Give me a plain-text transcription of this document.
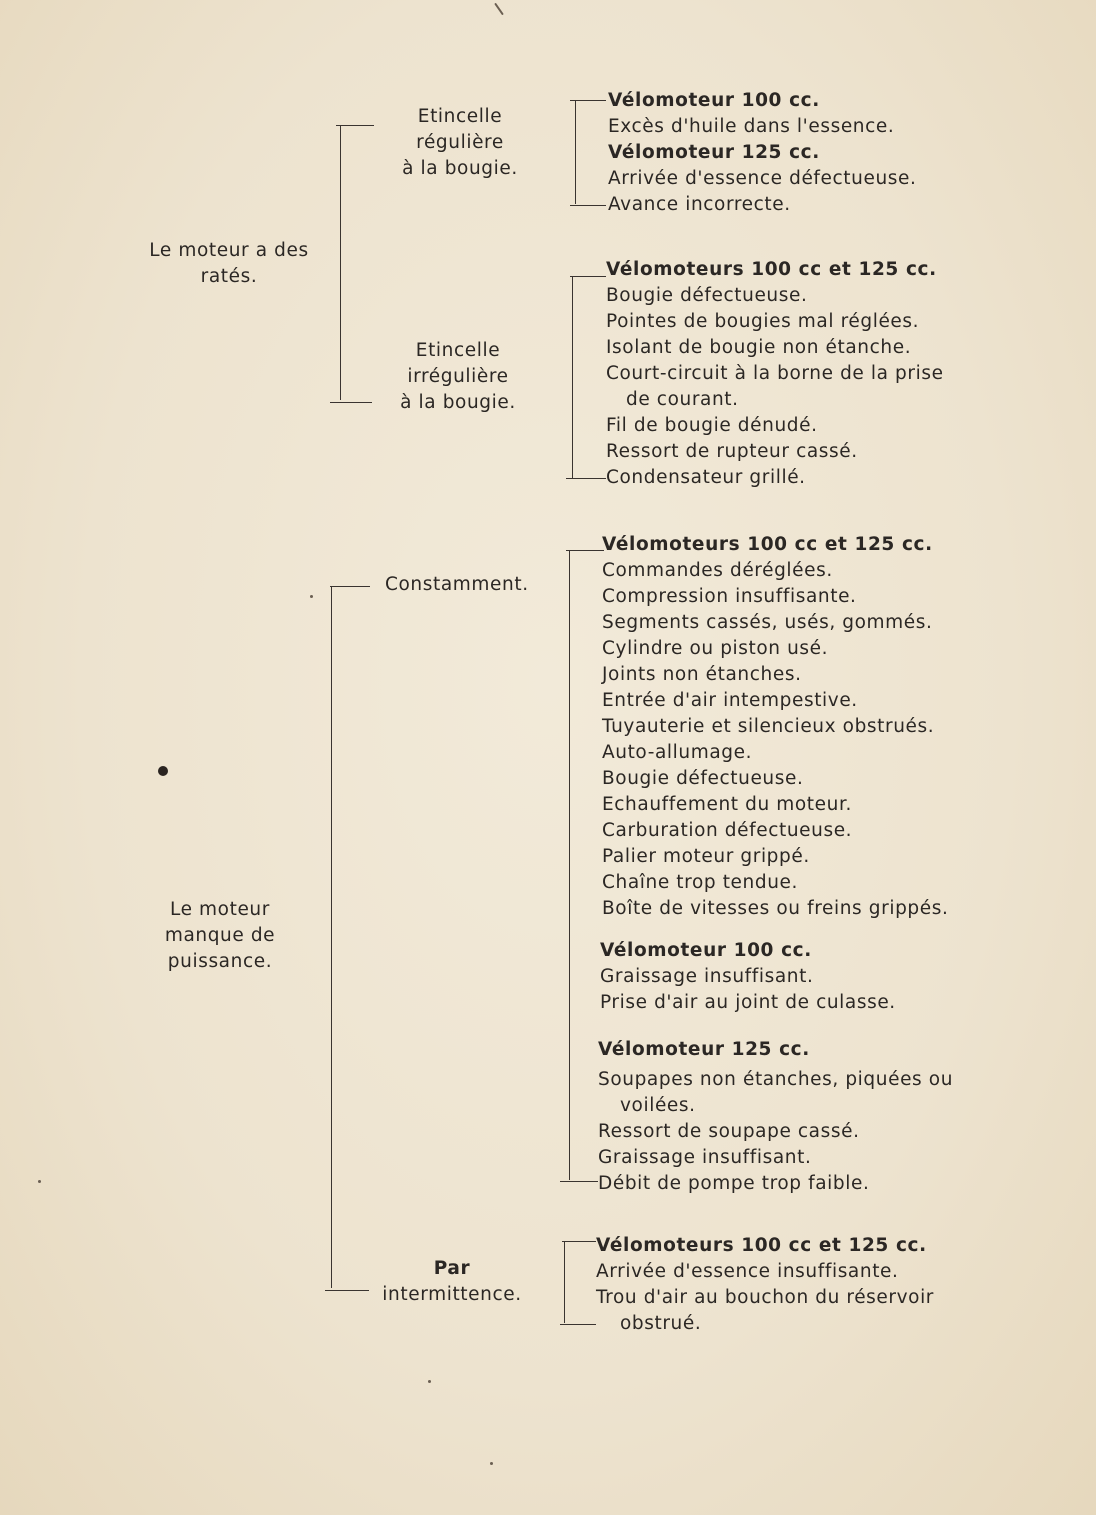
Le moteur a des
ratés.
Le moteur
manque de
puissance.
Etincelle
régulière
à la bougie.
Etincelle
irrégulière
à la bougie.
Constamment.
Par
intermittence.
Vélomoteur 100 cc.
Excès d'huile dans l'essence.
Vélomoteur 125 cc.
Arrivée d'essence défectueuse.
Avance incorrecte.
Vélomoteurs 100 cc et 125 cc.
Bougie défectueuse.
Pointes de bougies mal réglées.
Isolant de bougie non étanche.
Court-circuit à la borne de la prise
de courant.
Fil de bougie dénudé.
Ressort de rupteur cassé.
Condensateur grillé.
Vélomoteurs 100 cc et 125 cc.
Commandes déréglées.
Compression insuffisante.
Segments cassés, usés, gommés.
Cylindre ou piston usé.
Joints non étanches.
Entrée d'air intempestive.
Tuyauterie et silencieux obstrués.
Auto-allumage.
Bougie défectueuse.
Echauffement du moteur.
Carburation défectueuse.
Palier moteur grippé.
Chaîne trop tendue.
Boîte de vitesses ou freins grippés.
Vélomoteur 100 cc.
Graissage insuffisant.
Prise d'air au joint de culasse.
Vélomoteur 125 cc.
Soupapes non étanches, piquées ou
voilées.
Ressort de soupape cassé.
Graissage insuffisant.
Débit de pompe trop faible.
Vélomoteurs 100 cc et 125 cc.
Arrivée d'essence insuffisante.
Trou d'air au bouchon du réservoir
obstrué.
